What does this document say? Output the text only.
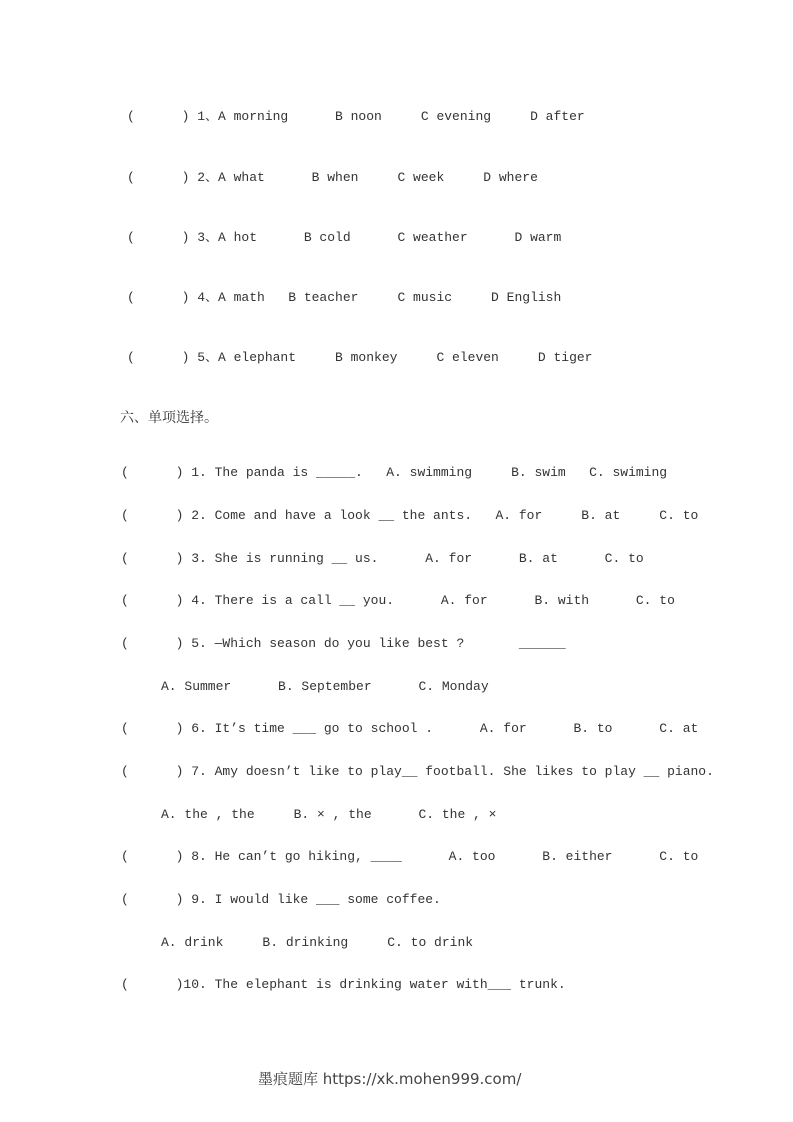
(      ) 1、A morning      B noon     C evening     D after
(      ) 2、A what      B when     C week     D where
(      ) 3、A hot      B cold      C weather      D warm
(      ) 4、A math   B teacher     C music     D English
(      ) 5、A elephant     B monkey     C eleven     D tiger
六、单项选择。
(      ) 1. The panda is _____.   A. swimming     B. swim   C. swiming
(      ) 2. Come and have a look __ the ants.   A. for     B. at     C. to
(      ) 3. She is running __ us.      A. for      B. at      C. to
(      ) 4. There is a call __ you.      A. for      B. with      C. to
(      ) 5. —Which season do you like best ?       ______
A. Summer      B. September      C. Monday
(      ) 6. It’s time ___ go to school .      A. for      B. to      C. at
(      ) 7. Amy doesn’t like to play__ football. She likes to play __ piano.
A. the , the     B. × , the      C. the , ×
(      ) 8. He can’t go hiking, ____      A. too      B. either      C. to
(      ) 9. I would like ___ some coffee.
A. drink     B. drinking     C. to drink
(      )10. The elephant is drinking water with___ trunk.
墨痕题库 https://xk.mohen999.com/
